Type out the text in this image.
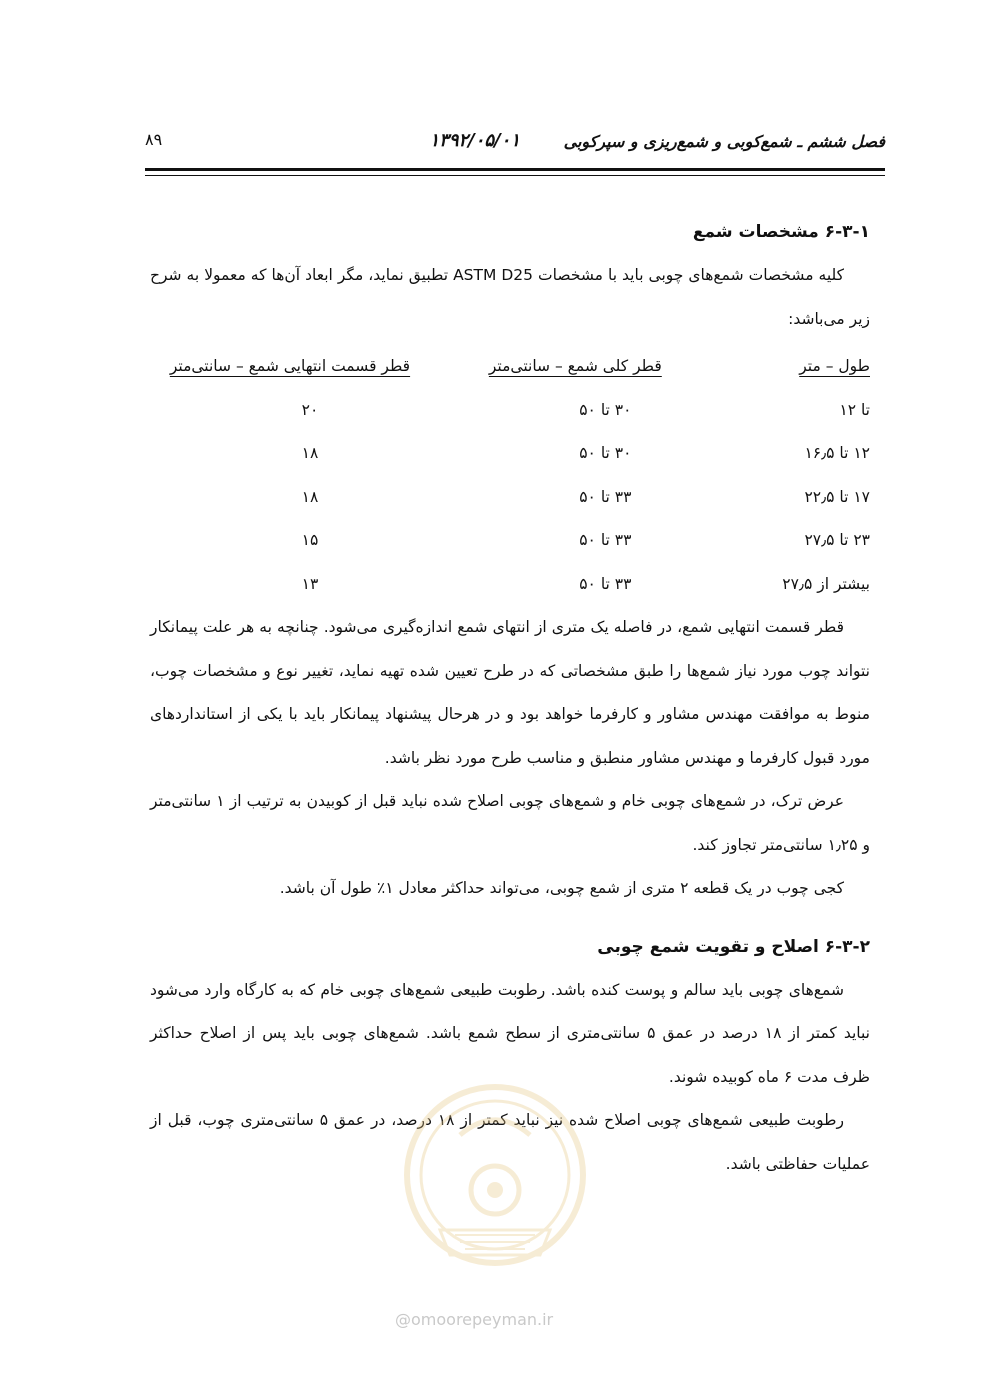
فصل ششم ـ شمع‌کوبی و شمع‌ریزی و سپرکوبی
۱۳۹۲/۰۵/۰۱
۸۹
۶-۳-۱ مشخصات شمع

کلیه مشخصات شمع‌های چوبی باید با مشخصات ASTM D25 تطبیق نماید، مگر ابعاد آن‌ها که معمولا به شرح زیر می‌باشد:

طول – متر	قطر کلی شمع – سانتی‌متر	قطر قسمت انتهایی شمع – سانتی‌متر
تا ۱۲	۳۰ تا ۵۰	۲۰
۱۲ تا ۱۶٫۵	۳۰ تا ۵۰	۱۸
۱۷ تا ۲۲٫۵	۳۳ تا ۵۰	۱۸
۲۳ تا ۲۷٫۵	۳۳ تا ۵۰	۱۵
بیشتر از ۲۷٫۵	۳۳ تا ۵۰	۱۳

قطر قسمت انتهایی شمع، در فاصله یک متری از انتهای شمع اندازه‌گیری می‌شود. چنانچه به هر علت پیمانکار نتواند چوب مورد نیاز شمع‌ها را طبق مشخصاتی که در طرح تعیین شده تهیه نماید، تغییر نوع و مشخصات چوب، منوط به موافقت مهندس مشاور و کارفرما خواهد بود و در هرحال پیشنهاد پیمانکار باید با یکی از استانداردهای مورد قبول کارفرما و مهندس مشاور منطبق و مناسب طرح مورد نظر باشد.

عرض ترک، در شمع‌های چوبی خام و شمع‌های چوبی اصلاح شده نباید قبل از کوبیدن به ترتیب از ۱ سانتی‌متر و ۱٫۲۵ سانتی‌متر تجاوز کند.

کجی چوب در یک قطعه ۲ متری از شمع چوبی، می‌تواند حداکثر معادل ۱٪ طول آن باشد.

۶-۳-۲ اصلاح و تقویت شمع چوبی

شمع‌های چوبی باید سالم و پوست کنده باشد. رطوبت طبیعی شمع‌های چوبی خام که به کارگاه وارد می‌شود نباید کمتر از ۱۸ درصد در عمق ۵ سانتی‌متری از سطح شمع باشد. شمع‌های چوبی باید پس از اصلاح حداکثر ظرف مدت ۶ ماه کوبیده شوند.

رطوبت طبیعی شمع‌های چوبی اصلاح شده نیز نباید کمتر از ۱۸ درصد، در عمق ۵ سانتی‌متری چوب، قبل از عملیات حفاظتی باشد.

@omoorepeyman.ir
